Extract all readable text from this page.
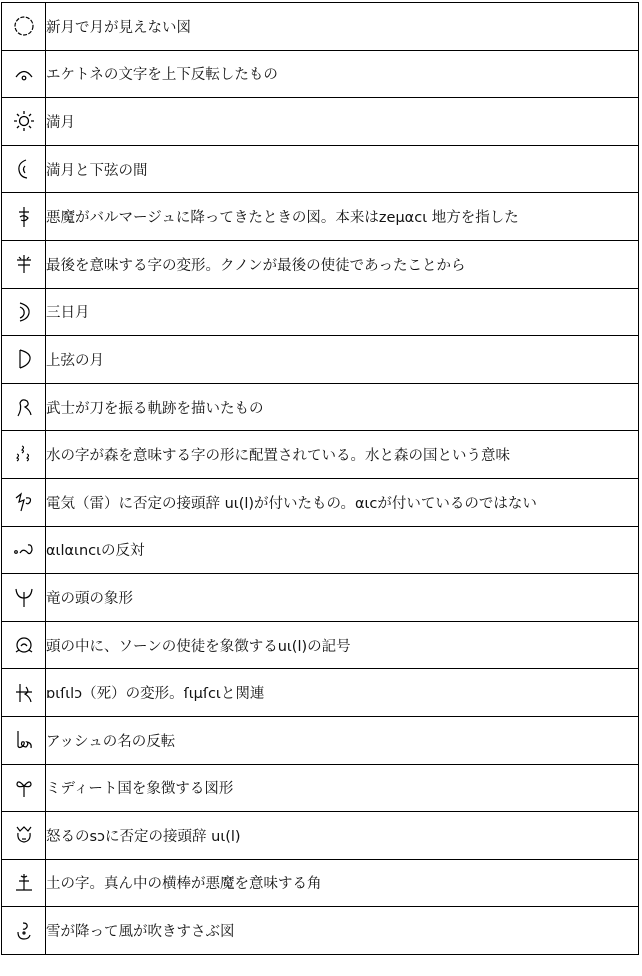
	新月で月が見えない図

	エケトネの文字を上下反転したもの

	満月

	満月と下弦の間

	悪魔がバルマージュに降ってきたときの図。本来はzeμαcι 地方を指した

	最後を意味する字の変形。クノンが最後の使徒であったことから

	三日月

	上弦の月

	武士が刀を振る軌跡を描いたもの

	水の字が森を意味する字の形に配置されている。水と森の国という意味

	電気（雷）に否定の接頭辞 uι(l)が付いたもの。αιcが付いているのではない

	αιlαιncιの反対

	竜の頭の象形

	頭の中に、ソーンの使徒を象徴するuι(l)の記号

	ɒιſιlɔ（死）の変形。ſιμſcιと関連

	アッシュの名の反転

	ミディート国を象徴する図形

	怒るのsɔに否定の接頭辞 uι(l)

	土の字。真ん中の横棒が悪魔を意味する角

	雪が降って風が吹きすさぶ図
